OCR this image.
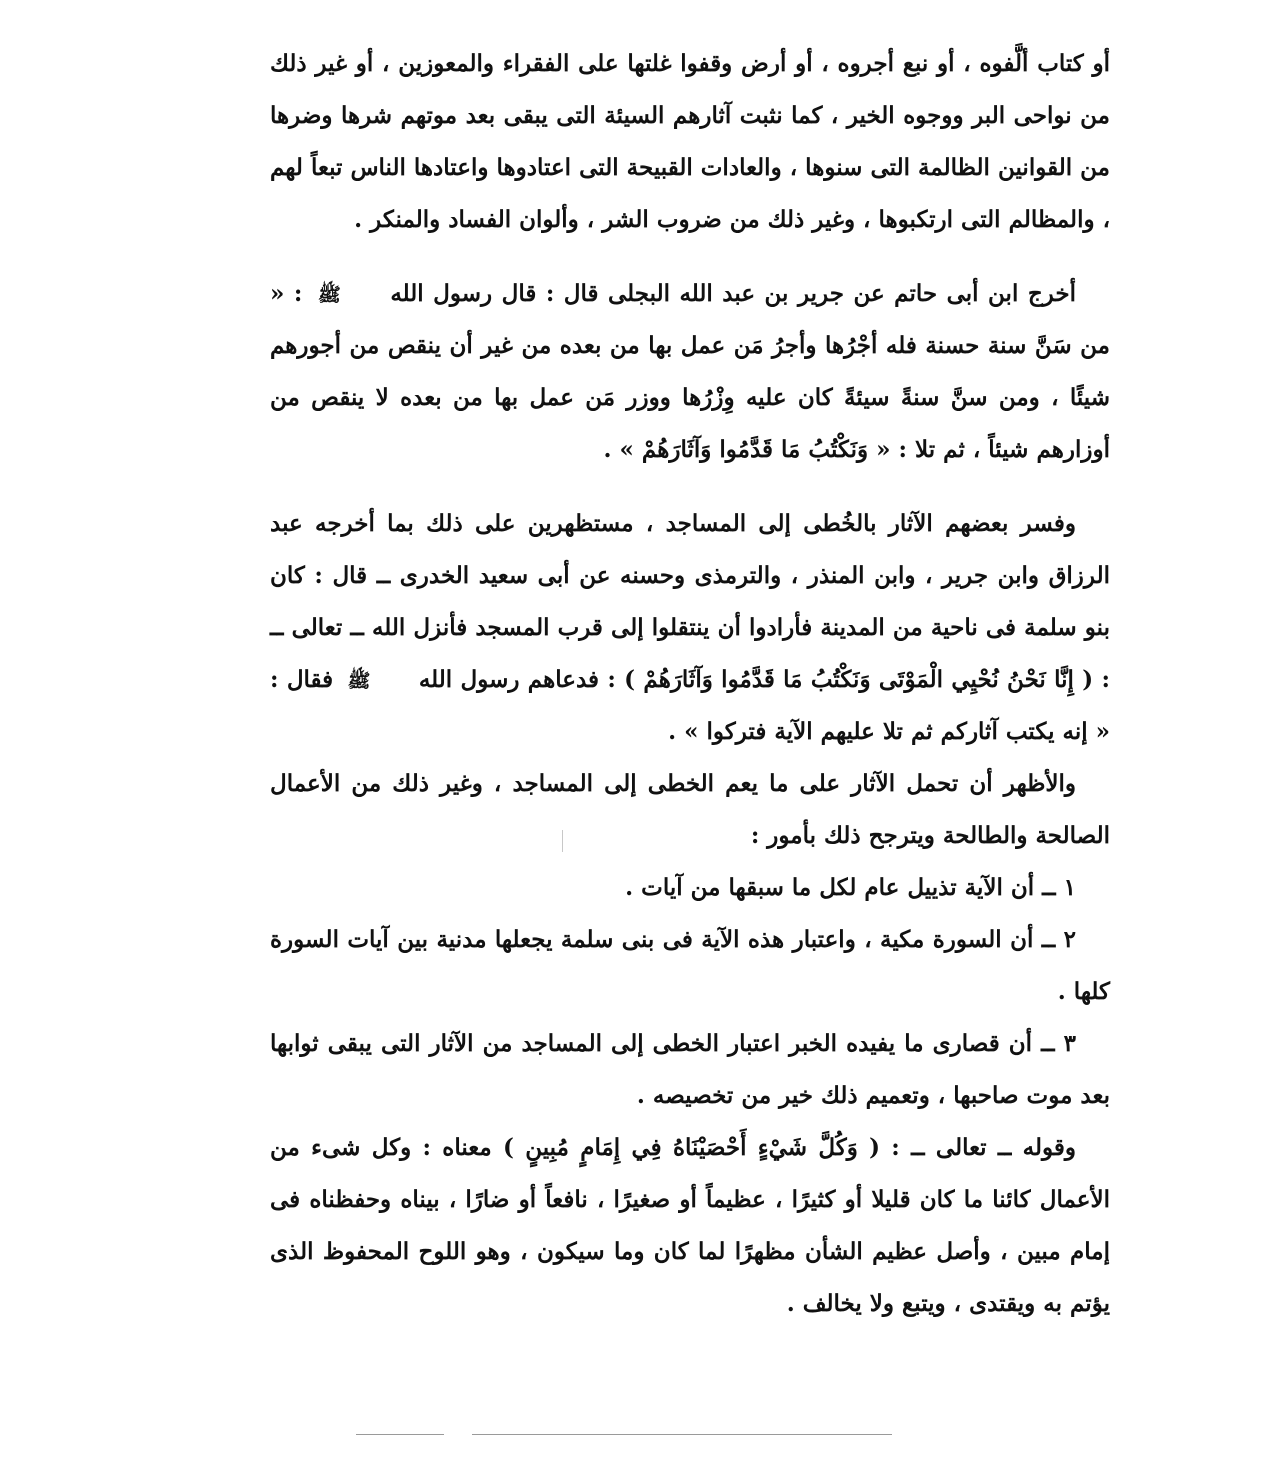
أو كتاب ألَّفوه ، أو نبع أجروه ، أو أرض وقفوا غلتها على الفقراء والمعوزين ، أو غير ذلك من نواحى البر ووجوه الخير ، كما نثبت آثارهم السيئة التى يبقى بعد موتهم شرها وضرها من القوانين الظالمة التى سنوها ، والعادات القبيحة التى اعتادوها واعتادها الناس تبعاً لهم ، والمظالم التى ارتكبوها ، وغير ذلك من ضروب الشر ، وألوان الفساد والمنكر .

أخرج ابن أبى حاتم عن جرير بن عبد الله البجلى قال : قال رسول الله ﷺ : « من سَنَّ سنة حسنة فله أجْرُها وأجرُ مَن عمل بها من بعده من غير أن ينقص من أجورهم شيئًا ، ومن سنَّ سنةً سيئةً كان عليه وِزْرُها ووزر مَن عمل بها من بعده لا ينقص من أوزارهم شيئاً ، ثم تلا : « وَنَكْتُبُ مَا قَدَّمُوا وَآثَارَهُمْ » .

وفسر بعضهم الآثار بالخُطى إلى المساجد ، مستظهرين على ذلك بما أخرجه عبد الرزاق وابن جرير ، وابن المنذر ، والترمذى وحسنه عن أبى سعيد الخدرى ــ قال : كان بنو سلمة فى ناحية من المدينة فأرادوا أن ينتقلوا إلى قرب المسجد فأنزل الله ــ تعالى ــ : ( إِنَّا نَحْنُ نُحْيِي الْمَوْتَى وَنَكْتُبُ مَا قَدَّمُوا وَآثَارَهُمْ ) : فدعاهم رسول الله ﷺ فقال : « إنه يكتب آثاركم ثم تلا عليهم الآية فتركوا » .

والأظهر أن تحمل الآثار على ما يعم الخطى إلى المساجد ، وغير ذلك من الأعمال الصالحة والطالحة ويترجح ذلك بأمور :

١ ــ أن الآية تذييل عام لكل ما سبقها من آيات .

٢ ــ أن السورة مكية ، واعتبار هذه الآية فى بنى سلمة يجعلها مدنية بين آيات السورة كلها .

٣ ــ أن قصارى ما يفيده الخبر اعتبار الخطى إلى المساجد من الآثار التى يبقى ثوابها بعد موت صاحبها ، وتعميم ذلك خير من تخصيصه .

وقوله ــ تعالى ــ : ( وَكُلَّ شَيْءٍ أَحْصَيْنَاهُ فِي إِمَامٍ مُبِينٍ ) معناه : وكل شىء من الأعمال كائنا ما كان قليلا أو كثيرًا ، عظيماً أو صغيرًا ، نافعاً أو ضارًا ، بيناه وحفظناه فى إمام مبين ، وأصل عظيم الشأن مظهرًا لما كان وما سيكون ، وهو اللوح المحفوظ الذى يؤتم به ويقتدى ، ويتبع ولا يخالف .
